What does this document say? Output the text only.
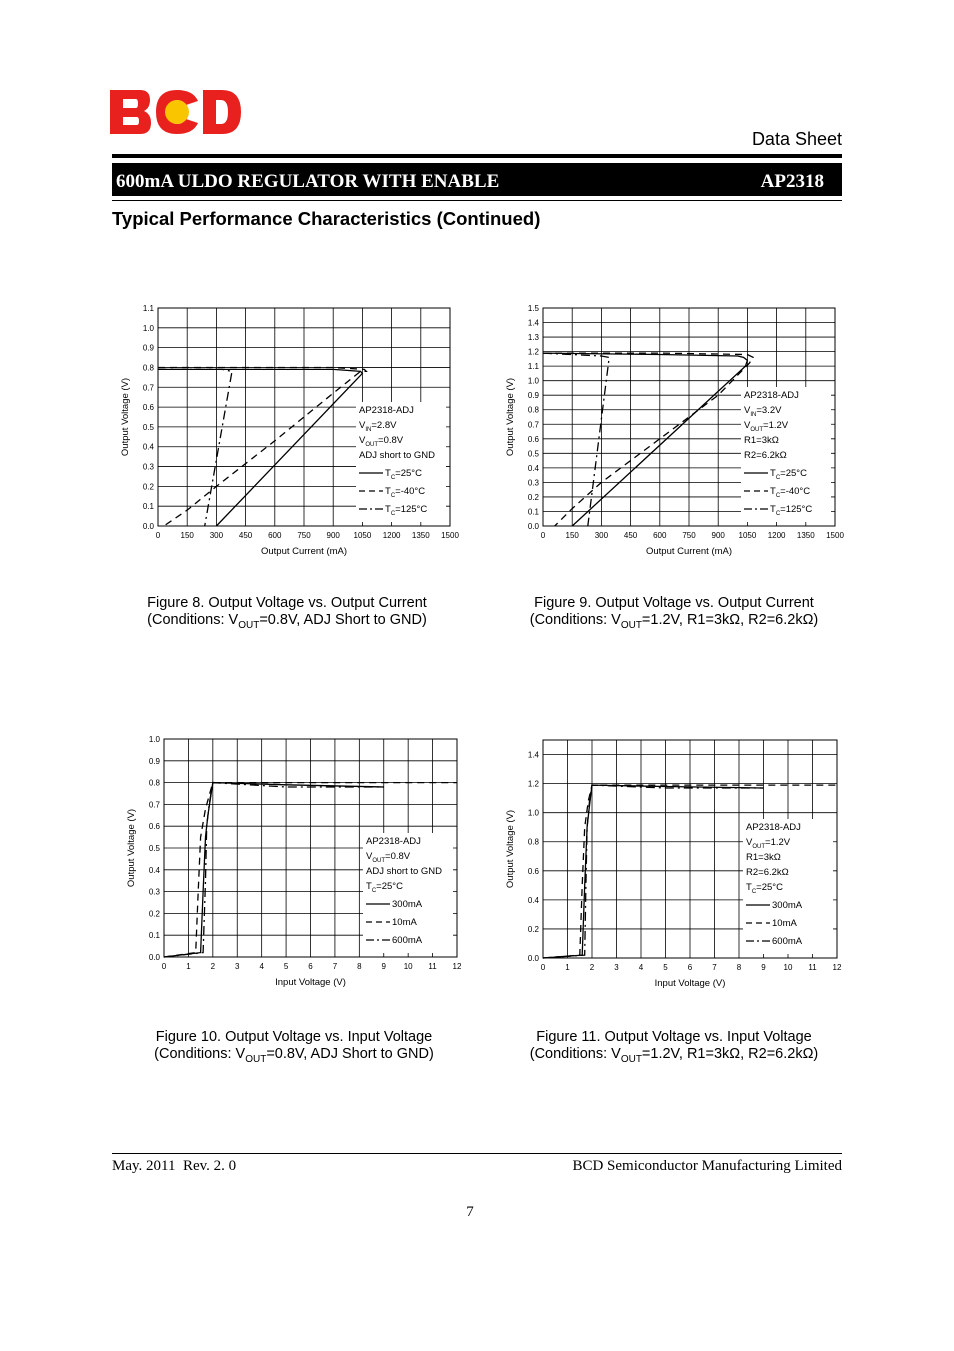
Data Sheet
600mA ULDO REGULATOR WITH ENABLE	AP2318
Typical Performance Characteristics (Continued)
0	150 300 450 600 750 900 1050 1200 1350 1500
0.0
0.1
0.2
0.3
0.4
0.5
0.6
0.7
0.8
0.9
1.0
1.1
Output Current (mA)
Output Voltage (V)	AP2318-ADJ
$V_{IN}=2.8V$
$V_{OUT}=0.8V$
ADJ short to GND
$T_C=25^\circ C$
$T_C=-40^\circ C$
$T_C=125^\circ C$
0	150 300 450 600 750 900 1050 1200 1350 1500
0.0
0.1
0.2
0.3
0.4
0.5
0.6
0.7
0.8
0.9
1.0
1.1
1.2
1.3
1.4
1.5
Output Current (mA)
Output Voltage (V)	AP2318-ADJ
$V_{IN}=3.2V$
$V_{OUT}=1.2V$
R1=3kΩ
R2=6.2kΩ
$T_C=25^\circ C$
$T_C=-40^\circ C$
$T_C=125^\circ C$
0 1 2 3 4 5 6 7 8 9 10 11 12
0.0
0.1
0.2
0.3
0.4
0.5
0.6
0.7
0.8
0.9
1.0
Input Voltage (V)
Output Voltage (V)	AP2318-ADJ
$V_{OUT}=0.8V$
ADJ short to GND
$T_C=25^\circ C$
300mA
10mA
600mA
0	1	2	3	4	5	6	7	8	9 10 11 12
0.0
0.2
0.4
0.6
0.8
1.0
1.2
1.4
Input Voltage (V)
Output Voltage (V)	AP2318-ADJ
$V_{OUT}=1.2V$
R1=3kΩ
R2=6.2kΩ
$T_C=25^\circ C$
300mA
10mA
600mA
Figure 8. Output Voltage vs. Output Current
(Conditions: $V_{OUT}=0.8V$, ADJ Short to GND)
Figure 9. Output Voltage vs. Output Current
(Conditions: $V_{OUT}=1.2V$, R1=3kΩ, R2=6.2kΩ)
Figure 10. Output Voltage vs. Input Voltage
(Conditions: $V_{OUT}=0.8V$, ADJ Short to GND)
Figure 11. Output Voltage vs. Input Voltage
(Conditions: $V_{OUT}=1.2V$, R1=3kΩ, R2=6.2kΩ)
May. 2011  Rev. 2. 0	BCD Semiconductor Manufacturing Limited
7
